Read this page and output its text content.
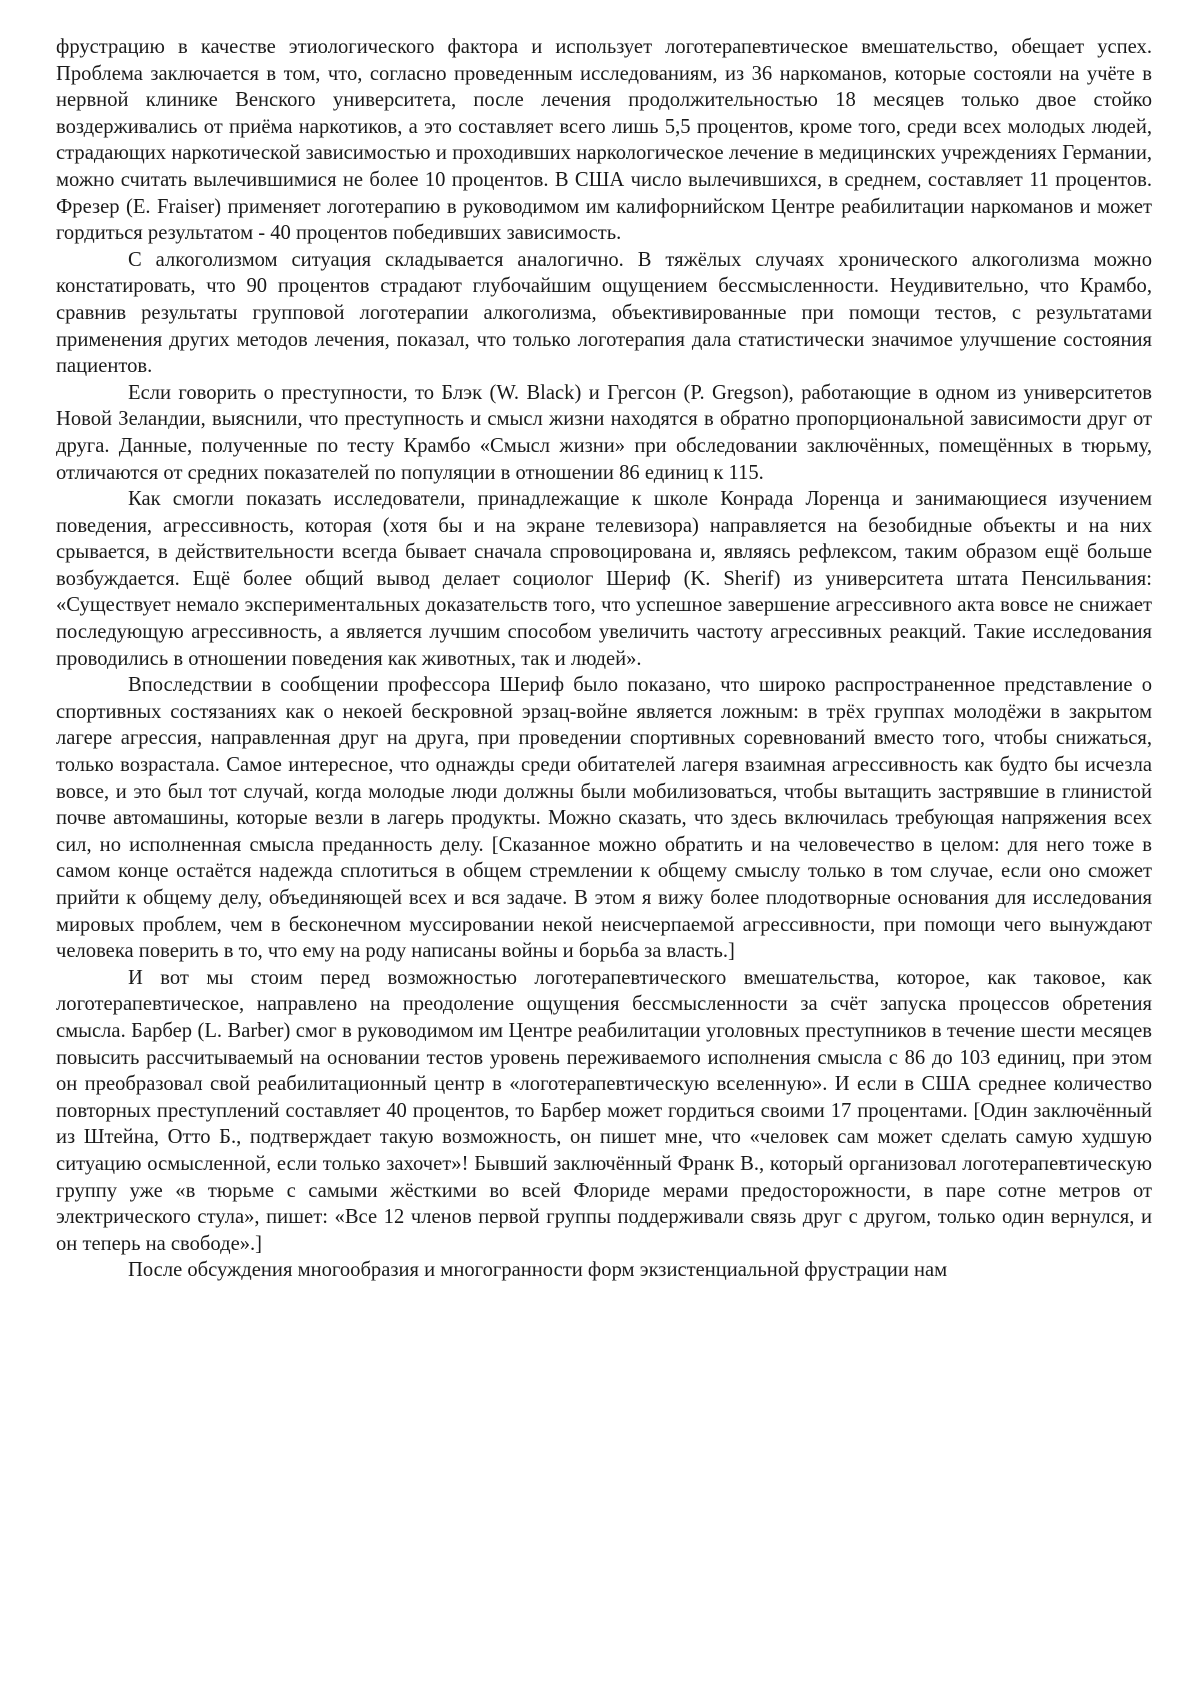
фрустрацию в качестве этиологического фактора и использует логотерапевтическое вмешательство, обещает успех. Проблема заключается в том, что, согласно проведенным исследованиям, из 36 наркоманов, которые состояли на учёте в нервной клинике Венского университета, после лечения продолжительностью 18 месяцев только двое стойко воздерживались от приёма наркотиков, а это составляет всего лишь 5,5 процентов, кроме того, среди всех молодых людей, страдающих наркотической зависимостью и проходивших наркологическое лечение в медицинских учреждениях Германии, можно считать вылечившимися не более 10 процентов. В США число вылечившихся, в среднем, составляет 11 процентов. Фрезер (E. Fraiser) применяет логотерапию в руководимом им калифорнийском Центре реабилитации наркоманов и может гордиться результатом - 40 процентов победивших зависимость.

С алкоголизмом ситуация складывается аналогично. В тяжёлых случаях хронического алкоголизма можно констатировать, что 90 процентов страдают глубочайшим ощущением бессмысленности. Неудивительно, что Крамбо, сравнив результаты групповой логотерапии алкоголизма, объективированные при помощи тестов, с результатами применения других методов лечения, показал, что только логотерапия дала статистически значимое улучшение состояния пациентов.

Если говорить о преступности, то Блэк (W. Black) и Грегсон (P. Gregson), работающие в одном из университетов Новой Зеландии, выяснили, что преступность и смысл жизни находятся в обратно пропорциональной зависимости друг от друга. Данные, полученные по тесту Крамбо «Смысл жизни» при обследовании заключённых, помещённых в тюрьму, отличаются от средних показателей по популяции в отношении 86 единиц к 115.

Как смогли показать исследователи, принадлежащие к школе Конрада Лоренца и занимающиеся изучением поведения, агрессивность, которая (хотя бы и на экране телевизора) направляется на безобидные объекты и на них срывается, в действительности всегда бывает сначала спровоцирована и, являясь рефлексом, таким образом ещё больше возбуждается. Ещё более общий вывод делает социолог Шериф (K. Sherif) из университета штата Пенсильвания: «Существует немало экспериментальных доказательств того, что успешное завершение агрессивного акта вовсе не снижает последующую агрессивность, а является лучшим способом увеличить частоту агрессивных реакций. Такие исследования проводились в отношении поведения как животных, так и людей».

Впоследствии в сообщении профессора Шериф было показано, что широко распространенное представление о спортивных состязаниях как о некоей бескровной эрзац-войне является ложным: в трёх группах молодёжи в закрытом лагере агрессия, направленная друг на друга, при проведении спортивных соревнований вместо того, чтобы снижаться, только возрастала. Самое интересное, что однажды среди обитателей лагеря взаимная агрессивность как будто бы исчезла вовсе, и это был тот случай, когда молодые люди должны были мобилизоваться, чтобы вытащить застрявшие в глинистой почве автомашины, которые везли в лагерь продукты. Можно сказать, что здесь включилась требующая напряжения всех сил, но исполненная смысла преданность делу. [Сказанное можно обратить и на человечество в целом: для него тоже в самом конце остаётся надежда сплотиться в общем стремлении к общему смыслу только в том случае, если оно сможет прийти к общему делу, объединяющей всех и вся задаче. В этом я вижу более плодотворные основания для исследования мировых проблем, чем в бесконечном муссировании некой неисчерпаемой агрессивности, при помощи чего вынуждают человека поверить в то, что ему на роду написаны войны и борьба за власть.]

И вот мы стоим перед возможностью логотерапевтического вмешательства, которое, как таковое, как логотерапевтическое, направлено на преодоление ощущения бессмысленности за счёт запуска процессов обретения смысла. Барбер (L. Barber) смог в руководимом им Центре реабилитации уголовных преступников в течение шести месяцев повысить рассчитываемый на основании тестов уровень переживаемого исполнения смысла с 86 до 103 единиц, при этом он преобразовал свой реабилитационный центр в «логотерапевтическую вселенную». И если в США среднее количество повторных преступлений составляет 40 процентов, то Барбер может гордиться своими 17 процентами. [Один заключённый из Штейна, Отто Б., подтверждает такую возможность, он пишет мне, что «человек сам может сделать самую худшую ситуацию осмысленной, если только захочет»! Бывший заключённый Франк В., который организовал логотерапевтическую группу уже «в тюрьме с самыми жёсткими во всей Флориде мерами предосторожности, в паре сотне метров от электрического стула», пишет: «Все 12 членов первой группы поддерживали связь друг с другом, только один вернулся, и он теперь на свободе».]

После обсуждения многообразия и многогранности форм экзистенциальной фрустрации нам
